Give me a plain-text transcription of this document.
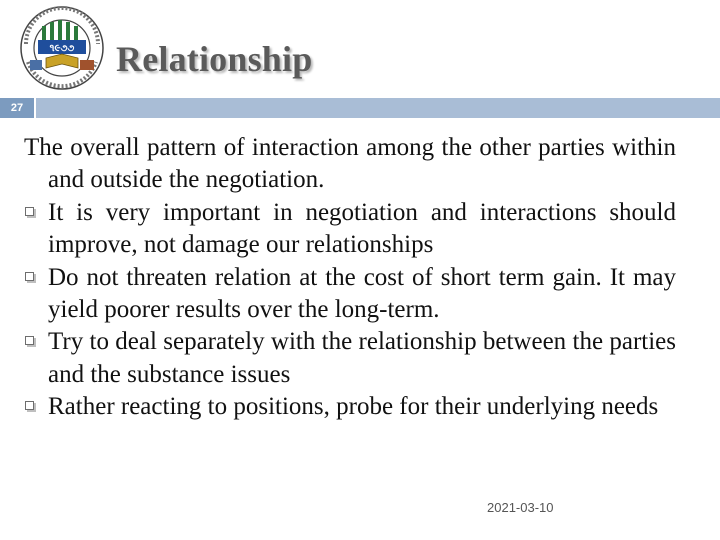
૧૯૭૭ Relationship
27

The overall pattern of interaction among the other parties within and outside the negotiation.

It is very important in negotiation and interactions should improve, not damage our relationships
Do not threaten relation at the cost of short term gain. It may yield poorer results over the long-term.
Try to deal separately with the relationship between the parties and the substance issues
Rather reacting to positions, probe for their underlying needs
2021-03-10
